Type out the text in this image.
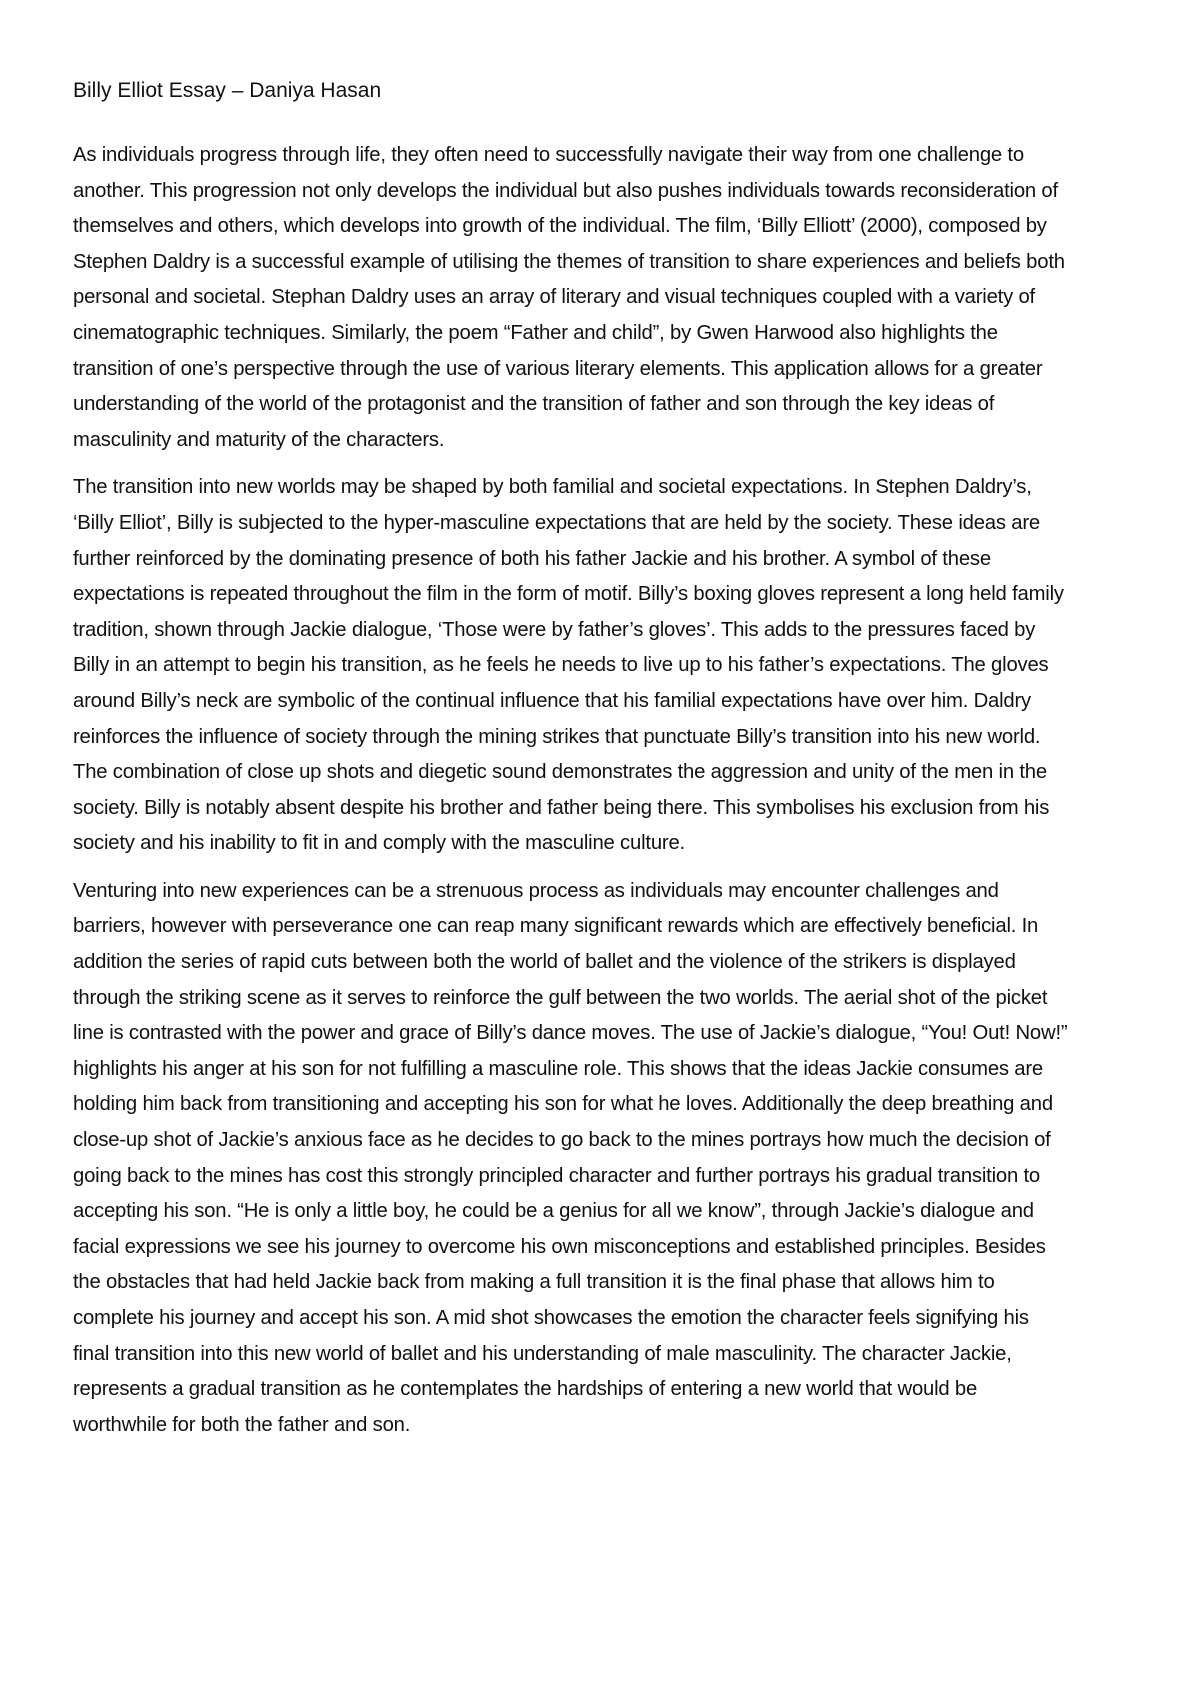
Billy Elliot Essay – Daniya Hasan

As individuals progress through life, they often need to successfully navigate their way from one challenge to another. This progression not only develops the individual but also pushes individuals towards reconsideration of themselves and others, which develops into growth of the individual. The film, ‘Billy Elliott’ (2000), composed by Stephen Daldry is a successful example of utilising the themes of transition to share experiences and beliefs both personal and societal. Stephan Daldry uses an array of literary and visual techniques coupled with a variety of cinematographic techniques. Similarly, the poem “Father and child”, by Gwen Harwood also highlights the transition of one’s perspective through the use of various literary elements. This application allows for a greater understanding of the world of the protagonist and the transition of father and son through the key ideas of masculinity and maturity of the characters.

The transition into new worlds may be shaped by both familial and societal expectations. In Stephen Daldry’s, ‘Billy Elliot’, Billy is subjected to the hyper-masculine expectations that are held by the society. These ideas are further reinforced by the dominating presence of both his father Jackie and his brother. A symbol of these expectations is repeated throughout the film in the form of motif. Billy’s boxing gloves represent a long held family tradition, shown through Jackie dialogue, ‘Those were by father’s gloves’. This adds to the pressures faced by Billy in an attempt to begin his transition, as he feels he needs to live up to his father’s expectations. The gloves around Billy’s neck are symbolic of the continual influence that his familial expectations have over him. Daldry reinforces the influence of society through the mining strikes that punctuate Billy’s transition into his new world. The combination of close up shots and diegetic sound demonstrates the aggression and unity of the men in the society. Billy is notably absent despite his brother and father being there. This symbolises his exclusion from his society and his inability to fit in and comply with the masculine culture.

Venturing into new experiences can be a strenuous process as individuals may encounter challenges and barriers, however with perseverance one can reap many significant rewards which are effectively beneficial. In addition the series of rapid cuts between both the world of ballet and the violence of the strikers is displayed through the striking scene as it serves to reinforce the gulf between the two worlds. The aerial shot of the picket line is contrasted with the power and grace of Billy’s dance moves. The use of Jackie’s dialogue, “You! Out! Now!” highlights his anger at his son for not fulfilling a masculine role. This shows that the ideas Jackie consumes are holding him back from transitioning and accepting his son for what he loves. Additionally the deep breathing and close-up shot of Jackie’s anxious face as he decides to go back to the mines portrays how much the decision of going back to the mines has cost this strongly principled character and further portrays his gradual transition to accepting his son. “He is only a little boy, he could be a genius for all we know”, through Jackie’s dialogue and facial expressions we see his journey to overcome his own misconceptions and established principles. Besides the obstacles that had held Jackie back from making a full transition it is the final phase that allows him to complete his journey and accept his son. A mid shot showcases the emotion the character feels signifying his final transition into this new world of ballet and his understanding of male masculinity. The character Jackie, represents a gradual transition as he contemplates the hardships of entering a new world that would be worthwhile for both the father and son.
